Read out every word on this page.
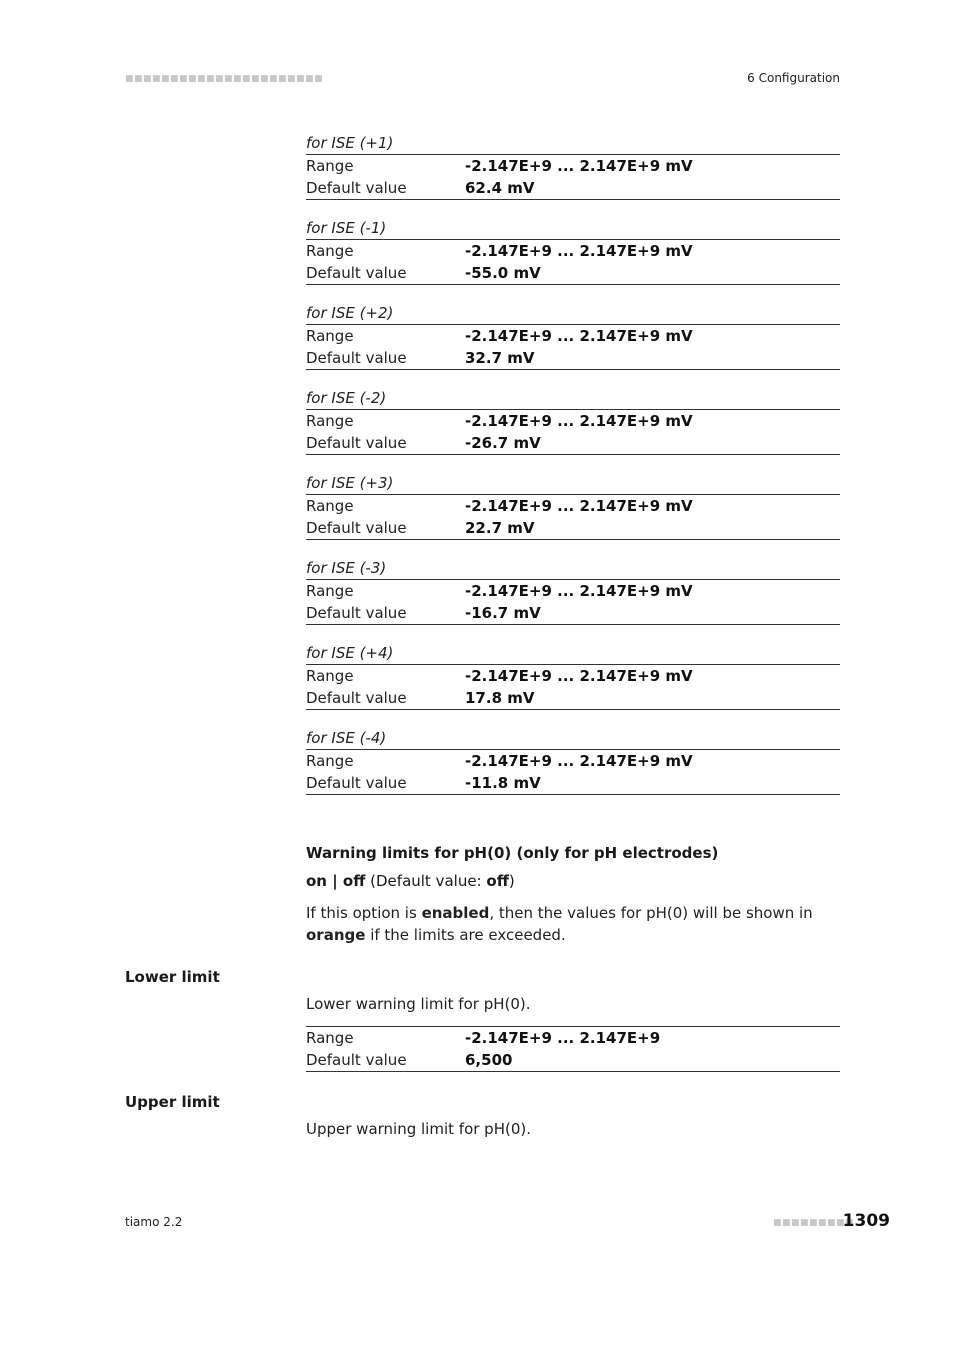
■■■■■■■■■■■■■■■■■■■■■■	6 Configuration
for ISE (+1)
Range	-2.147E+9 ... 2.147E+9 mV
Default value	62.4 mV
for ISE (-1)
Range	-2.147E+9 ... 2.147E+9 mV
Default value	-55.0 mV
for ISE (+2)
Range	-2.147E+9 ... 2.147E+9 mV
Default value	32.7 mV
for ISE (-2)
Range	-2.147E+9 ... 2.147E+9 mV
Default value	-26.7 mV
for ISE (+3)
Range	-2.147E+9 ... 2.147E+9 mV
Default value	22.7 mV
for ISE (-3)
Range	-2.147E+9 ... 2.147E+9 mV
Default value	-16.7 mV
for ISE (+4)
Range	-2.147E+9 ... 2.147E+9 mV
Default value	17.8 mV
for ISE (-4)
Range	-2.147E+9 ... 2.147E+9 mV
Default value	-11.8 mV
Warning limits for pH(0) (only for pH electrodes)
on | off (Default value: off)
If this option is enabled, then the values for pH(0) will be shown in
orange if the limits are exceeded.
Lower limit
Lower warning limit for pH(0).
Range	-2.147E+9 ... 2.147E+9
Default value	6,500
Upper limit
Upper warning limit for pH(0).
tiamo 2.2	■■■■■■■■■
1309
